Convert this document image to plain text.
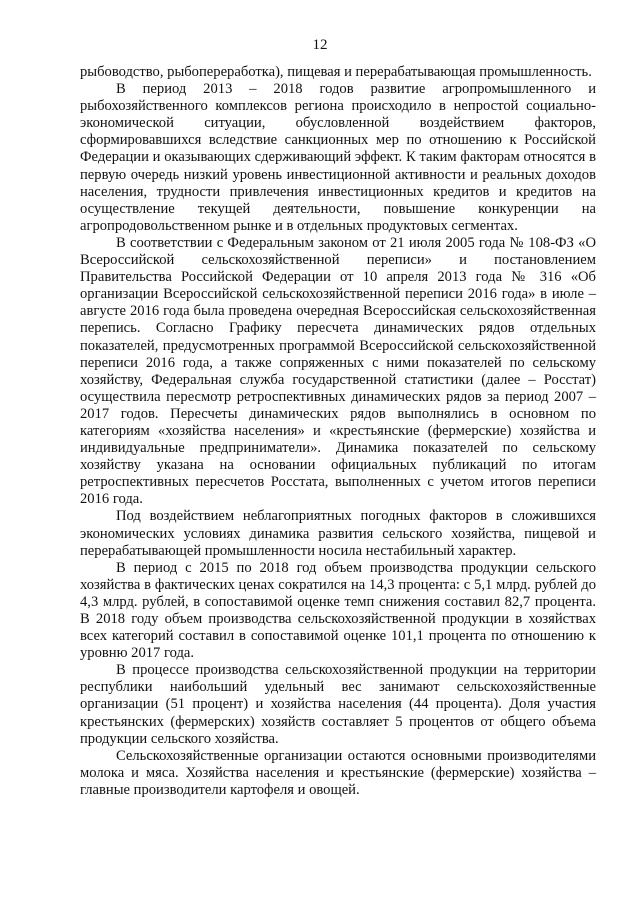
12

рыбоводство, рыбопереработка), пищевая и перерабатывающая промышленность.

В период 2013 – 2018 годов развитие агропромышленного и рыбохозяйственного комплексов региона происходило в непростой социально-экономической ситуации, обусловленной воздействием факторов, сформировавшихся вследствие санкционных мер по отношению к Российской Федерации и оказывающих сдерживающий эффект. К таким факторам относятся в первую очередь низкий уровень инвестиционной активности и реальных доходов населения, трудности привлечения инвестиционных кредитов и кредитов на осуществление текущей деятельности, повышение конкуренции на агропродовольственном рынке и в отдельных продуктовых сегментах.

В соответствии с Федеральным законом от 21 июля 2005 года № 108-ФЗ «О Всероссийской сельскохозяйственной переписи» и постановлением Правительства Российской Федерации от 10 апреля 2013 года № 316 «Об организации Всероссийской сельскохозяйственной переписи 2016 года» в июле – августе 2016 года была проведена очередная Всероссийская сельскохозяйственная перепись. Согласно Графику пересчета динамических рядов отдельных показателей, предусмотренных программой Всероссийской сельскохозяйственной переписи 2016 года, а также сопряженных с ними показателей по сельскому хозяйству, Федеральная служба государственной статистики (далее – Росстат) осуществила пересмотр ретроспективных динамических рядов за период 2007 – 2017 годов. Пересчеты динамических рядов выполнялись в основном по категориям «хозяйства населения» и «крестьянские (фермерские) хозяйства и индивидуальные предприниматели». Динамика показателей по сельскому хозяйству указана на основании официальных публикаций по итогам ретроспективных пересчетов Росстата, выполненных с учетом итогов переписи 2016 года.

Под воздействием неблагоприятных погодных факторов в сложившихся экономических условиях динамика развития сельского хозяйства, пищевой и перерабатывающей промышленности носила нестабильный характер.

В период с 2015 по 2018 год объем производства продукции сельского хозяйства в фактических ценах сократился на 14,3 процента: с 5,1 млрд. рублей до 4,3 млрд. рублей, в сопоставимой оценке темп снижения составил 82,7 процента. В 2018 году объем производства сельскохозяйственной продукции в хозяйствах всех категорий составил в сопоставимой оценке 101,1 процента по отношению к уровню 2017 года.

В процессе производства сельскохозяйственной продукции на территории республики наибольший удельный вес занимают сельскохозяйственные организации (51 процент) и хозяйства населения (44 процента). Доля участия крестьянских (фермерских) хозяйств составляет 5 процентов от общего объема продукции сельского хозяйства.

Сельскохозяйственные организации остаются основными производителями молока и мяса. Хозяйства населения и крестьянские (фермерские) хозяйства – главные производители картофеля и овощей.
